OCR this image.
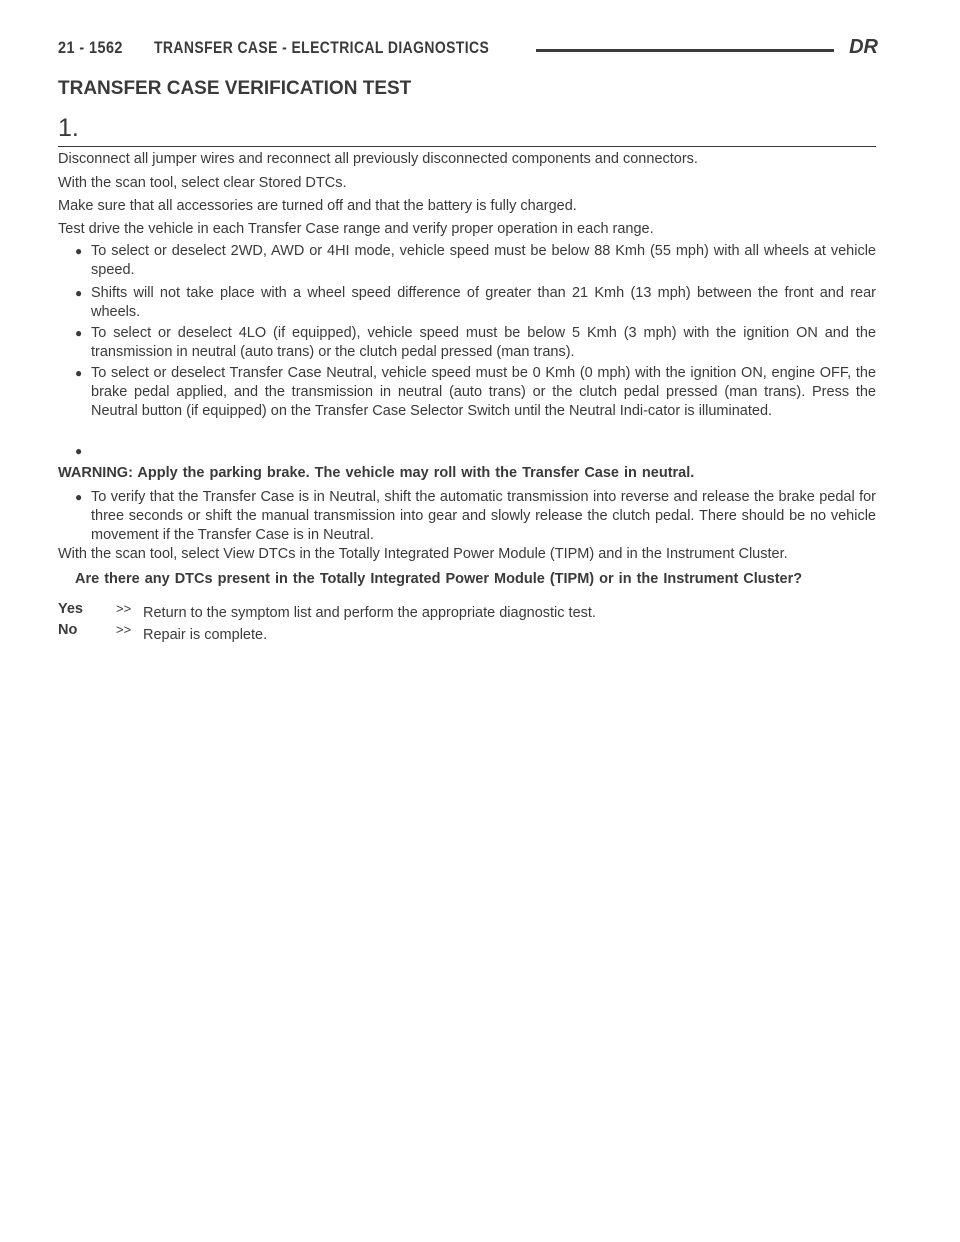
21 - 1562 TRANSFER CASE - ELECTRICAL DIAGNOSTICS	DR
TRANSFER CASE VERIFICATION TEST
1.
Disconnect all jumper wires and reconnect all previously disconnected components and connectors.
With the scan tool, select clear Stored DTCs.
Make sure that all accessories are turned off and that the battery is fully charged.
Test drive the vehicle in each Transfer Case range and verify proper operation in each range.
● To select or deselect 2WD, AWD or 4HI mode, vehicle speed must be below 88 Kmh (55 mph) with all wheels at vehicle speed.
● Shifts will not take place with a wheel speed difference of greater than 21 Kmh (13 mph) between the front and rear wheels.
● To select or deselect 4LO (if equipped), vehicle speed must be below 5 Kmh (3 mph) with the ignition ON and the transmission in neutral (auto trans) or the clutch pedal pressed (man trans).
● To select or deselect Transfer Case Neutral, vehicle speed must be 0 Kmh (0 mph) with the ignition ON, engine OFF, the brake pedal applied, and the transmission in neutral (auto trans) or the clutch pedal pressed (man trans). Press the Neutral button (if equipped) on the Transfer Case Selector Switch until the Neutral Indi-cator is illuminated.
●
WARNING: Apply the parking brake. The vehicle may roll with the Transfer Case in neutral.
● To verify that the Transfer Case is in Neutral, shift the automatic transmission into reverse and release the brake pedal for three seconds or shift the manual transmission into gear and slowly release the clutch pedal. There should be no vehicle movement if the Transfer Case is in Neutral.
With the scan tool, select View DTCs in the Totally Integrated Power Module (TIPM) and in the Instrument Cluster.
Are there any DTCs present in the Totally Integrated Power Module (TIPM) or in the Instrument Cluster?
Yes	>> Return to the symptom list and perform the appropriate diagnostic test.
No	>> Repair is complete.
